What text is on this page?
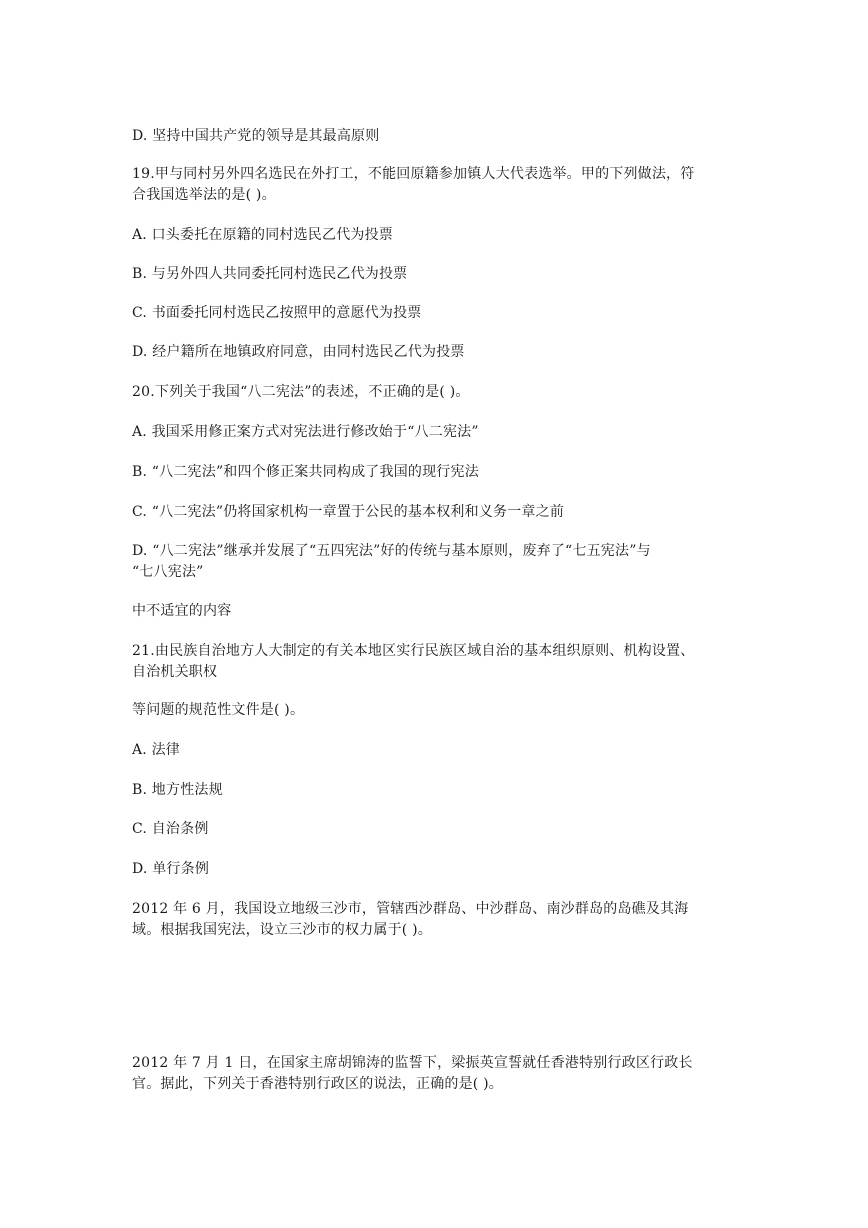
D. 坚持中国共产党的领导是其最高原则
19.甲与同村另外四名选民在外打工，不能回原籍参加镇人大代表选举。甲的下列做法，符
合我国选举法的是( )。
A. 口头委托在原籍的同村选民乙代为投票
B. 与另外四人共同委托同村选民乙代为投票
C. 书面委托同村选民乙按照甲的意愿代为投票
D. 经户籍所在地镇政府同意，由同村选民乙代为投票
20.下列关于我国“八二宪法”的表述，不正确的是( )。
A. 我国采用修正案方式对宪法进行修改始于“八二宪法”
B. “八二宪法”和四个修正案共同构成了我国的现行宪法
C. “八二宪法”仍将国家机构一章置于公民的基本权利和义务一章之前
D. “八二宪法”继承并发展了“五四宪法”好的传统与基本原则，废弃了“七五宪法”与
“七八宪法”
中不适宜的内容
21.由民族自治地方人大制定的有关本地区实行民族区域自治的基本组织原则、机构设置、
自治机关职权
等问题的规范性文件是( )。
A. 法律
B. 地方性法规
C. 自治条例
D. 单行条例
2012 年 6 月，我国设立地级三沙市，管辖西沙群岛、中沙群岛、南沙群岛的岛礁及其海
域。根据我国宪法，设立三沙市的权力属于( )。
2012 年 7 月 1 日，在国家主席胡锦涛的监誓下，梁振英宣誓就任香港特别行政区行政长
官。据此，下列关于香港特别行政区的说法，正确的是( )。
